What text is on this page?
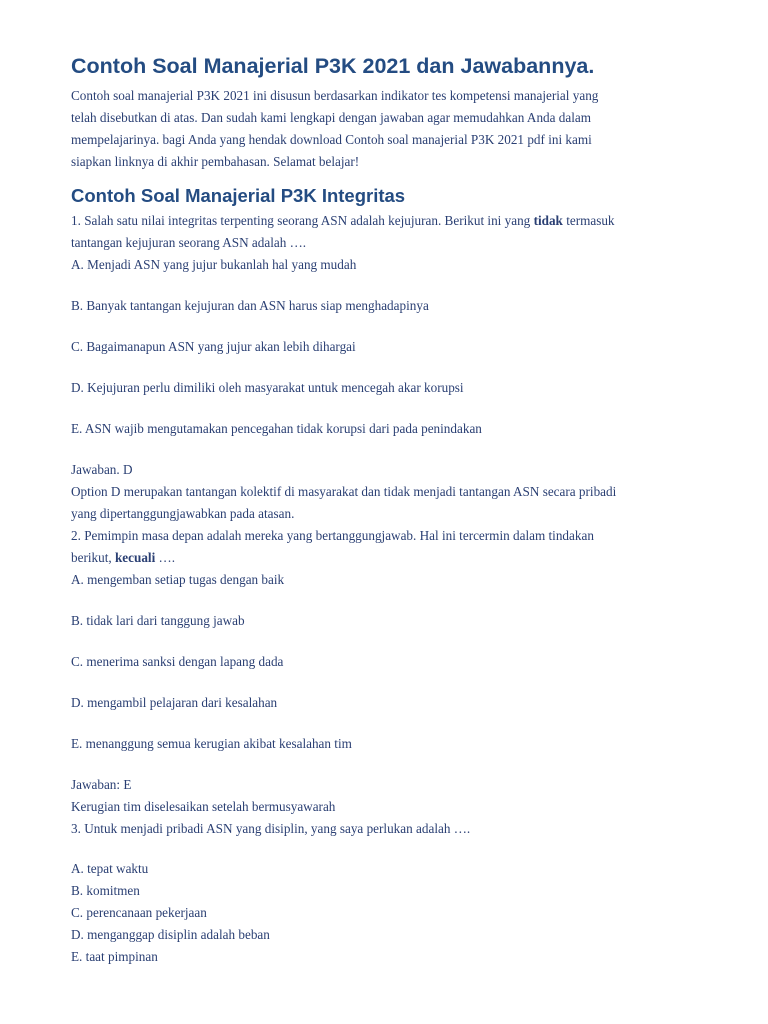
Contoh Soal Manajerial P3K 2021 dan Jawabannya.

Contoh soal manajerial P3K 2021 ini disusun berdasarkan indikator tes kompetensi manajerial yang

telah disebutkan di atas. Dan sudah kami lengkapi dengan jawaban agar memudahkan Anda dalam

mempelajarinya. bagi Anda yang hendak download Contoh soal manajerial P3K 2021 pdf ini kami

siapkan linknya di akhir pembahasan. Selamat belajar!

Contoh Soal Manajerial P3K Integritas

1. Salah satu nilai integritas terpenting seorang ASN adalah kejujuran. Berikut ini yang tidak termasuk

tantangan kejujuran seorang ASN adalah ….

A. Menjadi ASN yang jujur bukanlah hal yang mudah

B. Banyak tantangan kejujuran dan ASN harus siap menghadapinya

C. Bagaimanapun ASN yang jujur akan lebih dihargai

D. Kejujuran perlu dimiliki oleh masyarakat untuk mencegah akar korupsi

E. ASN wajib mengutamakan pencegahan tidak korupsi dari pada penindakan

Jawaban. D

Option D merupakan tantangan kolektif di masyarakat dan tidak menjadi tantangan ASN secara pribadi

yang dipertanggungjawabkan pada atasan.

2. Pemimpin masa depan adalah mereka yang bertanggungjawab. Hal ini tercermin dalam tindakan

berikut, kecuali ….

A. mengemban setiap tugas dengan baik

B. tidak lari dari tanggung jawab

C. menerima sanksi dengan lapang dada

D. mengambil pelajaran dari kesalahan

E. menanggung semua kerugian akibat kesalahan tim

Jawaban: E

Kerugian tim diselesaikan setelah bermusyawarah

3. Untuk menjadi pribadi ASN yang disiplin, yang saya perlukan adalah ….

A. tepat waktu

B. komitmen

C. perencanaan pekerjaan

D. menganggap disiplin adalah beban

E. taat pimpinan
